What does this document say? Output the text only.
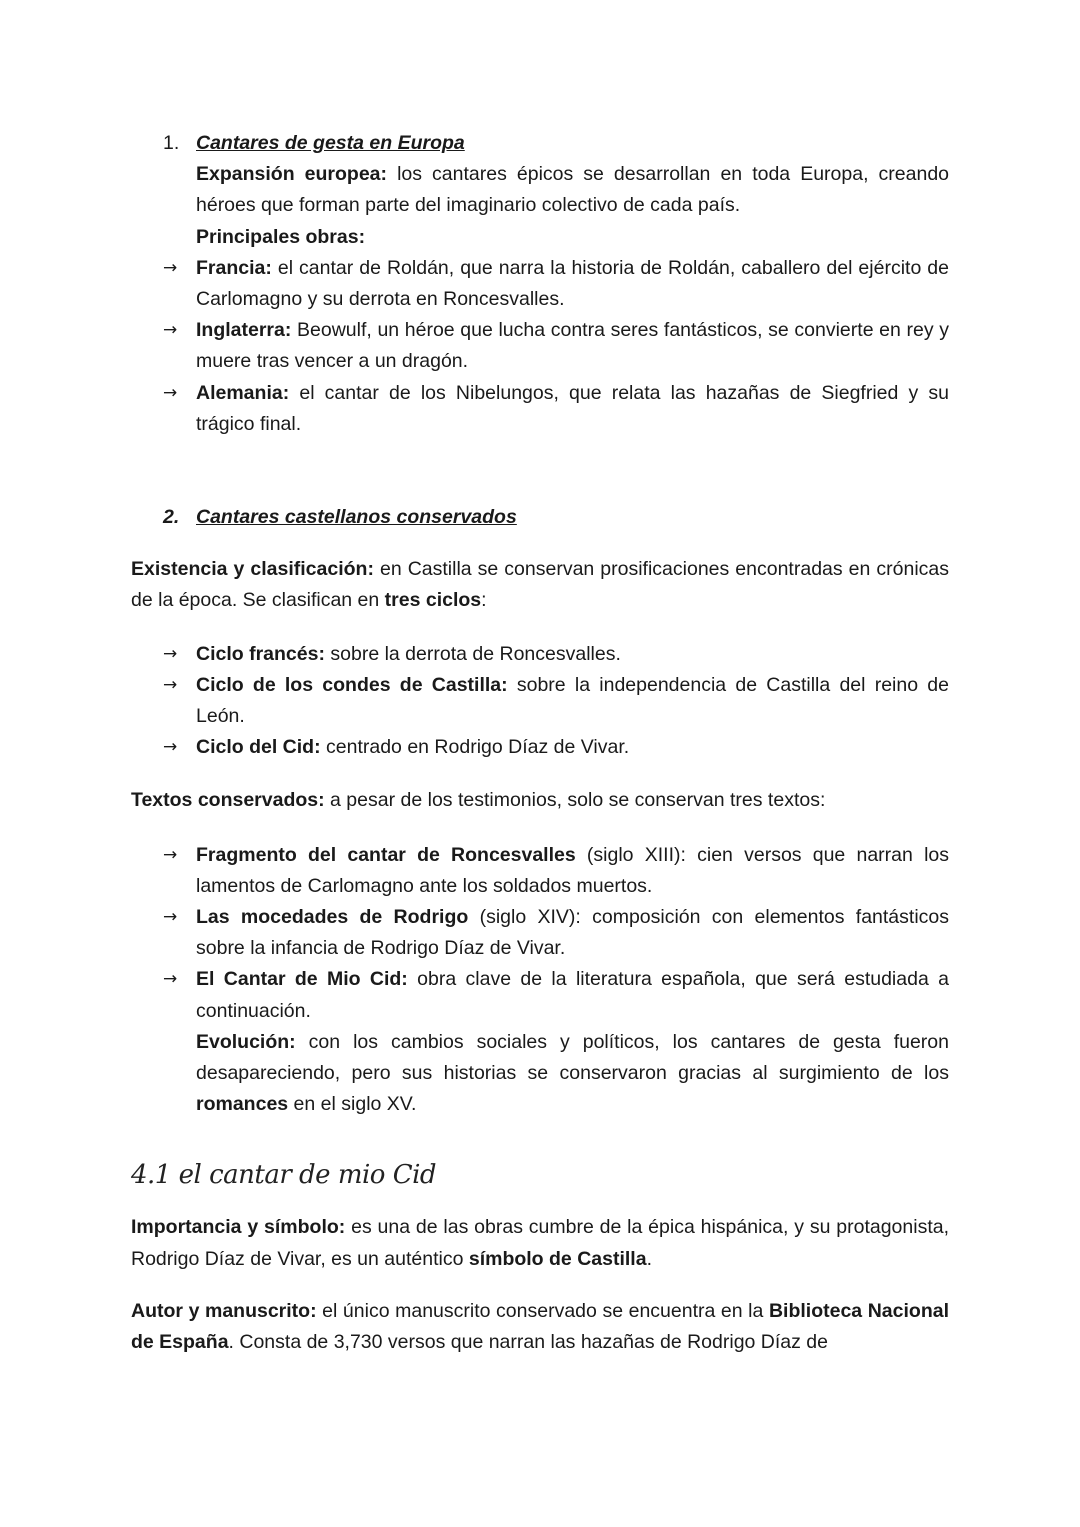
1. Cantares de gesta en Europa
Expansión europea: los cantares épicos se desarrollan en toda Europa, creando héroes que forman parte del imaginario colectivo de cada país.
Principales obras:
→ Francia: el cantar de Roldán, que narra la historia de Roldán, caballero del ejército de Carlomagno y su derrota en Roncesvalles.
→ Inglaterra: Beowulf, un héroe que lucha contra seres fantásticos, se convierte en rey y muere tras vencer a un dragón.
→ Alemania: el cantar de los Nibelungos, que relata las hazañas de Siegfried y su trágico final.
2. Cantares castellanos conservados
Existencia y clasificación: en Castilla se conservan prosificaciones encontradas en crónicas de la época. Se clasifican en tres ciclos:
→ Ciclo francés: sobre la derrota de Roncesvalles.
→ Ciclo de los condes de Castilla: sobre la independencia de Castilla del reino de León.
→ Ciclo del Cid: centrado en Rodrigo Díaz de Vivar.
Textos conservados: a pesar de los testimonios, solo se conservan tres textos:
→ Fragmento del cantar de Roncesvalles (siglo XIII): cien versos que narran los lamentos de Carlomagno ante los soldados muertos.
→ Las mocedades de Rodrigo (siglo XIV): composición con elementos fantásticos sobre la infancia de Rodrigo Díaz de Vivar.
→ El Cantar de Mio Cid: obra clave de la literatura española, que será estudiada a continuación.
Evolución: con los cambios sociales y políticos, los cantares de gesta fueron desapareciendo, pero sus historias se conservaron gracias al surgimiento de los romances en el siglo XV.
4.1 el cantar de mio Cid
Importancia y símbolo: es una de las obras cumbre de la épica hispánica, y su protagonista, Rodrigo Díaz de Vivar, es un auténtico símbolo de Castilla.
Autor y manuscrito: el único manuscrito conservado se encuentra en la Biblioteca Nacional de España. Consta de 3,730 versos que narran las hazañas de Rodrigo Díaz de
